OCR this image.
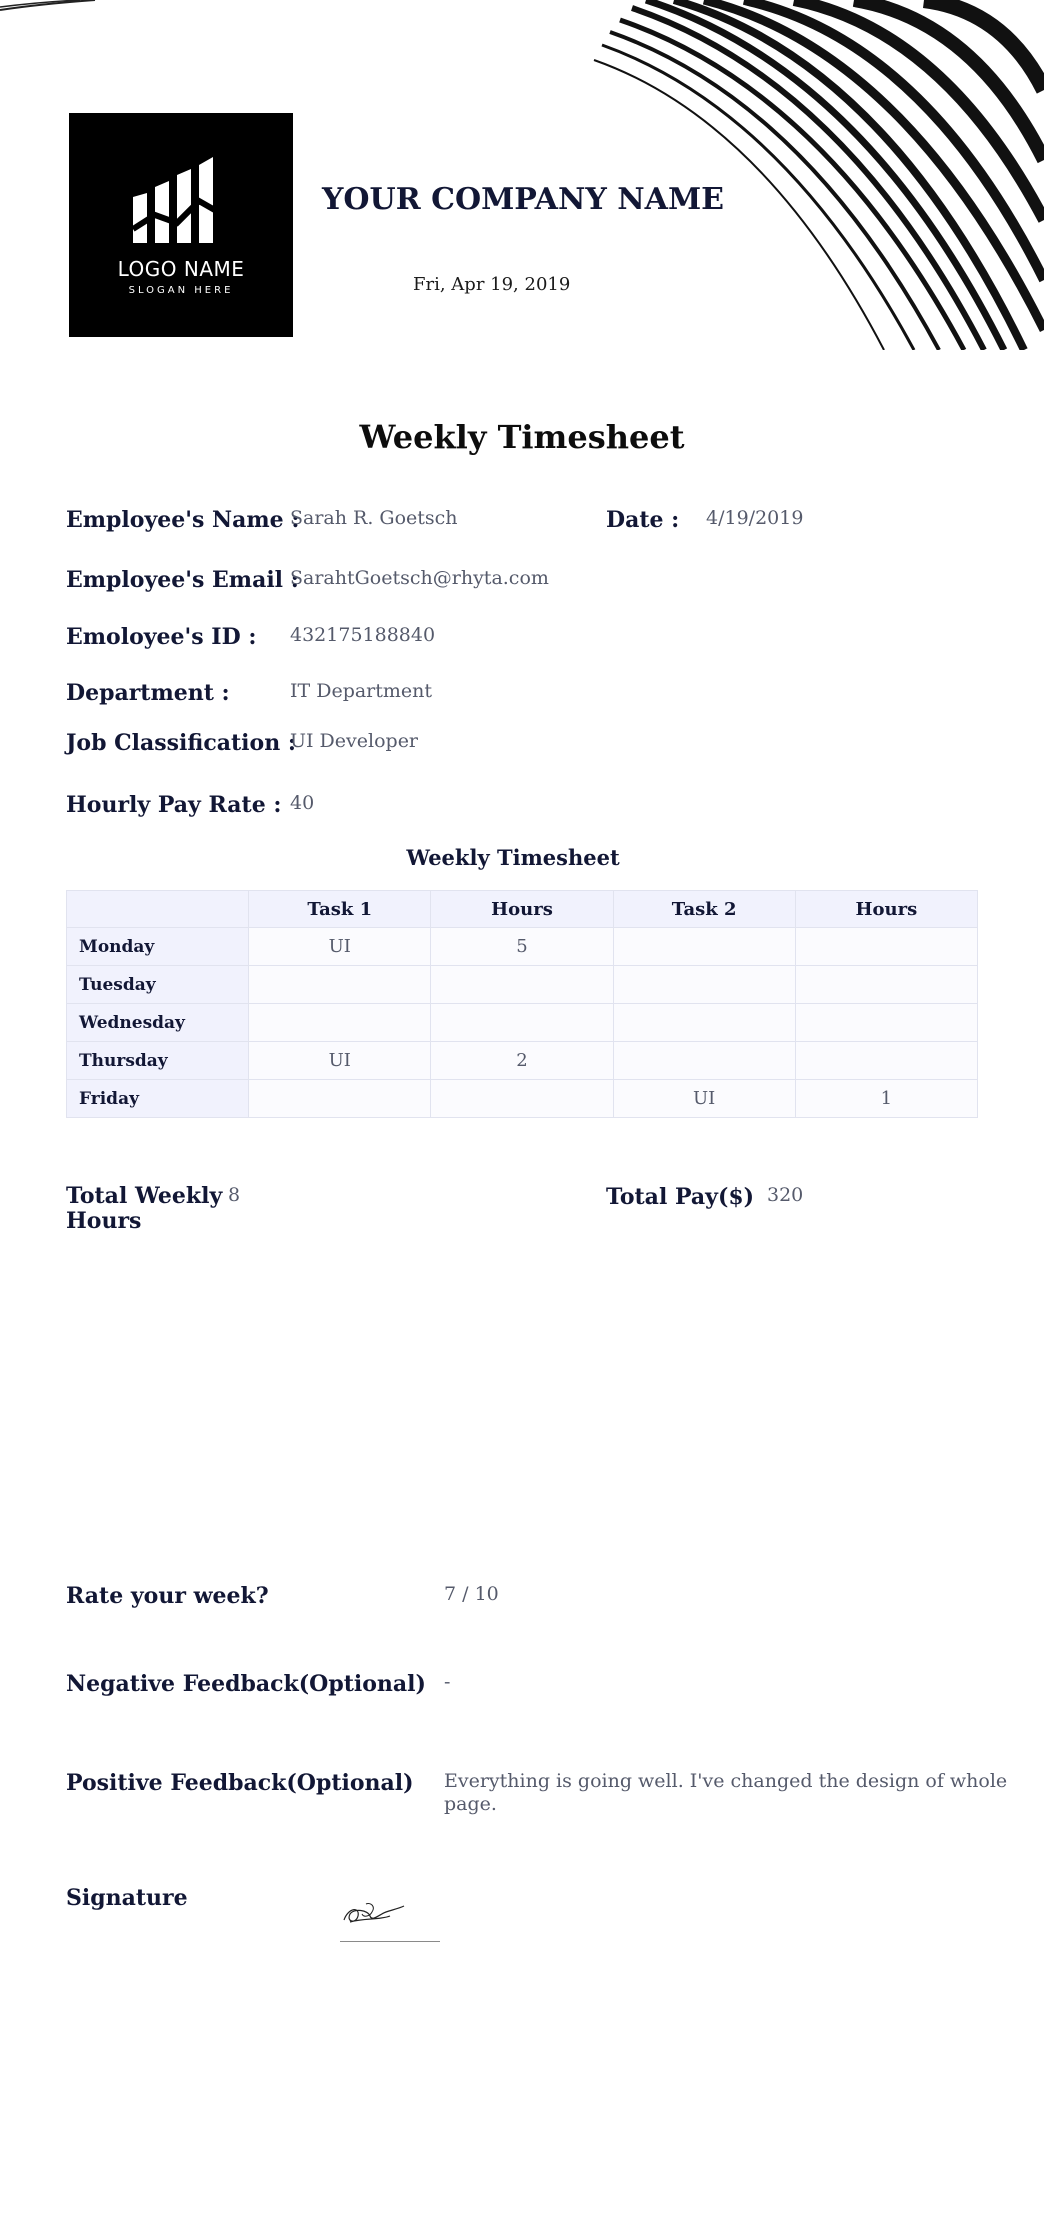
LOGO NAME
SLOGAN HERE
YOUR COMPANY NAME
Fri, Apr 19, 2019
Weekly Timesheet
Employee's Name :
Sarah R. Goetsch	Date : 4/19/2019
Employee's Email :
SarahtGoetsch@rhyta.com
Emoloyee's ID : 432175188840
Department :	IT Department
Job Classification :
UI Developer
Hourly Pay Rate : 40
Weekly Timesheet
	Task 1	Hours	Task 2	Hours
Monday	UI	5		
Tuesday				
Wednesday				
Thursday	UI	2		
Friday			UI	1
Total Weekly
Hours
8	Total Pay($) 320
Rate your week?	7 / 10
Negative Feedback(Optional) -
Positive Feedback(Optional) Everything is going well. I've changed the design of whole
page.
Signature
